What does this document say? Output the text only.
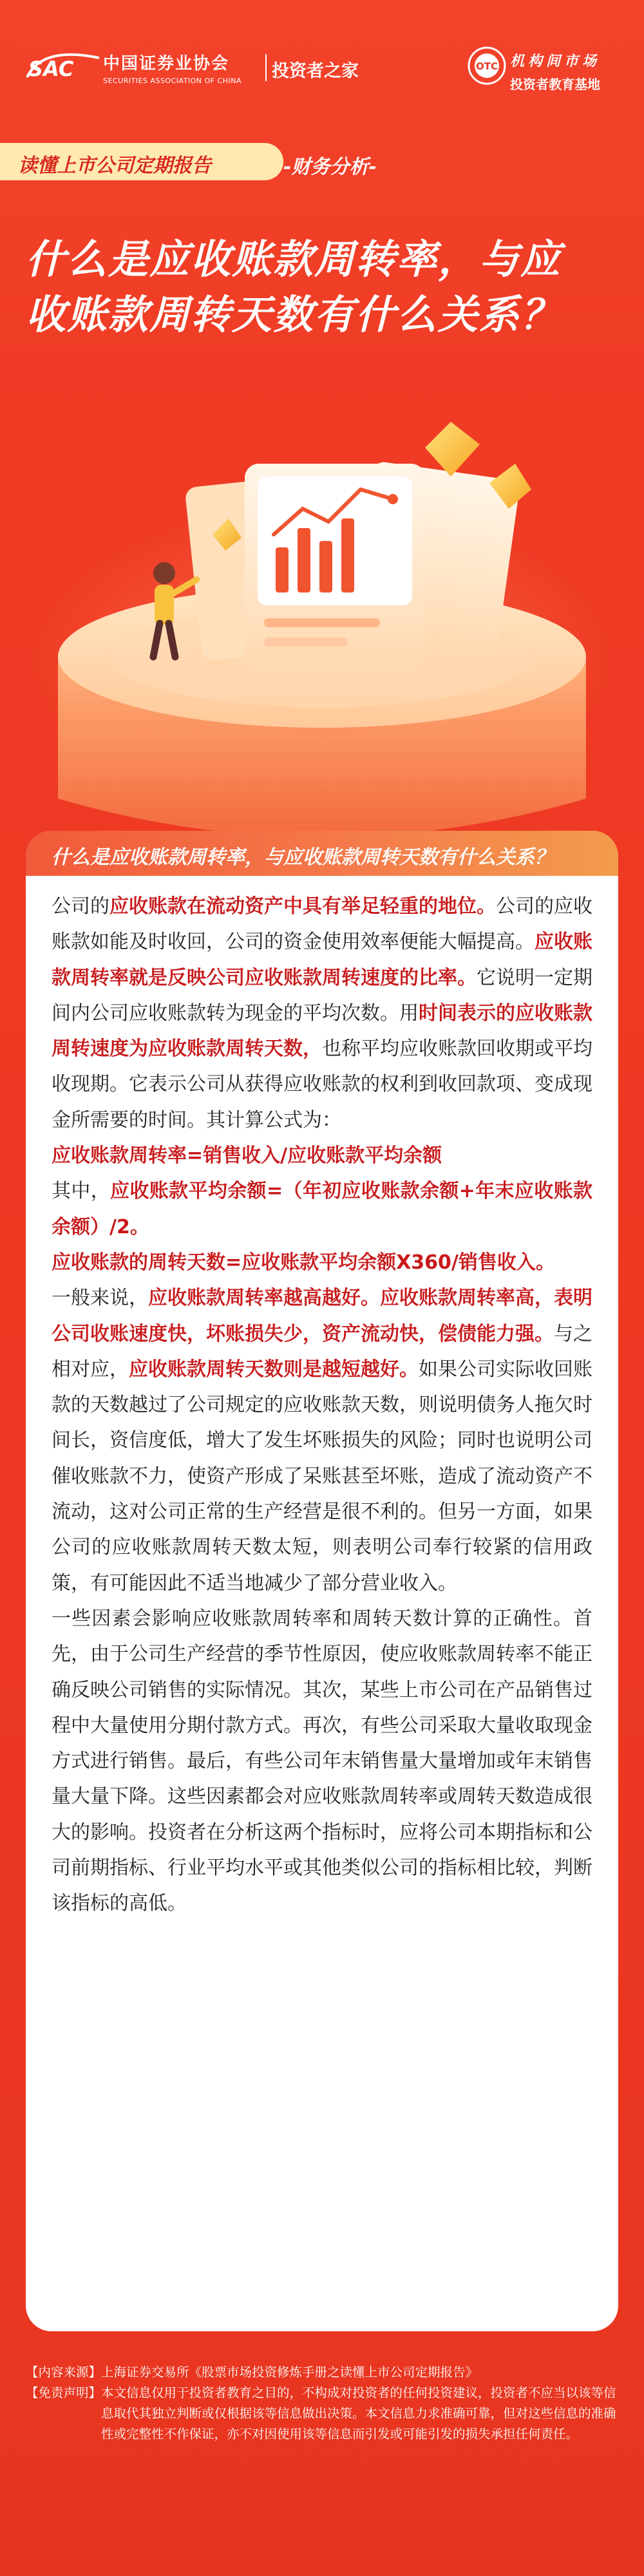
SAC 中国证券业协会
SECURITIES ASSOCIATION OF CHINA 投资者之家	OTC 机构间市场
投资者教育基地
读懂上市公司定期报告	-财务分析-
什么是应收账款周转率，与应
收账款周转天数有什么关系？
什么是应收账款周转率，与应收账款周转天数有什么关系？

公司的应收账款在流动资产中具有举足轻重的地位。公司的应收账款如能及时收回，公司的资金使用效率便能大幅提高。应收账款周转率就是反映公司应收账款周转速度的比率。它说明一定期间内公司应收账款转为现金的平均次数。用时间表示的应收账款周转速度为应收账款周转天数，也称平均应收账款回收期或平均收现期。它表示公司从获得应收账款的权利到收回款项、变成现金所需要的时间。其计算公式为：

应收账款周转率=销售收入/应收账款平均余额

其中，应收账款平均余额=（年初应收账款余额+年末应收账款余额）/2。

应收账款的周转天数=应收账款平均余额X360/销售收入。

一般来说，应收账款周转率越高越好。应收账款周转率高，表明公司收账速度快，坏账损失少，资产流动快，偿债能力强。与之相对应，应收账款周转天数则是越短越好。如果公司实际收回账款的天数越过了公司规定的应收账款天数，则说明债务人拖欠时间长，资信度低，增大了发生坏账损失的风险；同时也说明公司催收账款不力，使资产形成了呆账甚至坏账，造成了流动资产不流动，这对公司正常的生产经营是很不利的。但另一方面，如果公司的应收账款周转天数太短，则表明公司奉行较紧的信用政策，有可能因此不适当地减少了部分营业收入。

一些因素会影响应收账款周转率和周转天数计算的正确性。首先，由于公司生产经营的季节性原因，使应收账款周转率不能正确反映公司销售的实际情况。其次，某些上市公司在产品销售过程中大量使用分期付款方式。再次，有些公司采取大量收取现金方式进行销售。最后，有些公司年末销售量大量增加或年末销售量大量下降。这些因素都会对应收账款周转率或周转天数造成很大的影响。投资者在分析这两个指标时，应将公司本期指标和公司前期指标、行业平均水平或其他类似公司的指标相比较，判断该指标的高低。

【内容来源】 上海证券交易所《股票市场投资修炼手册之读懂上市公司定期报告》
【免责声明】 本文信息仅用于投资者教育之目的，不构成对投资者的任何投资建议，投资者不应当以该等信息取代其独立判断或仅根据该等信息做出决策。本文信息力求准确可靠，但对这些信息的准确性或完整性不作保证，亦不对因使用该等信息而引发或可能引发的损失承担任何责任。
